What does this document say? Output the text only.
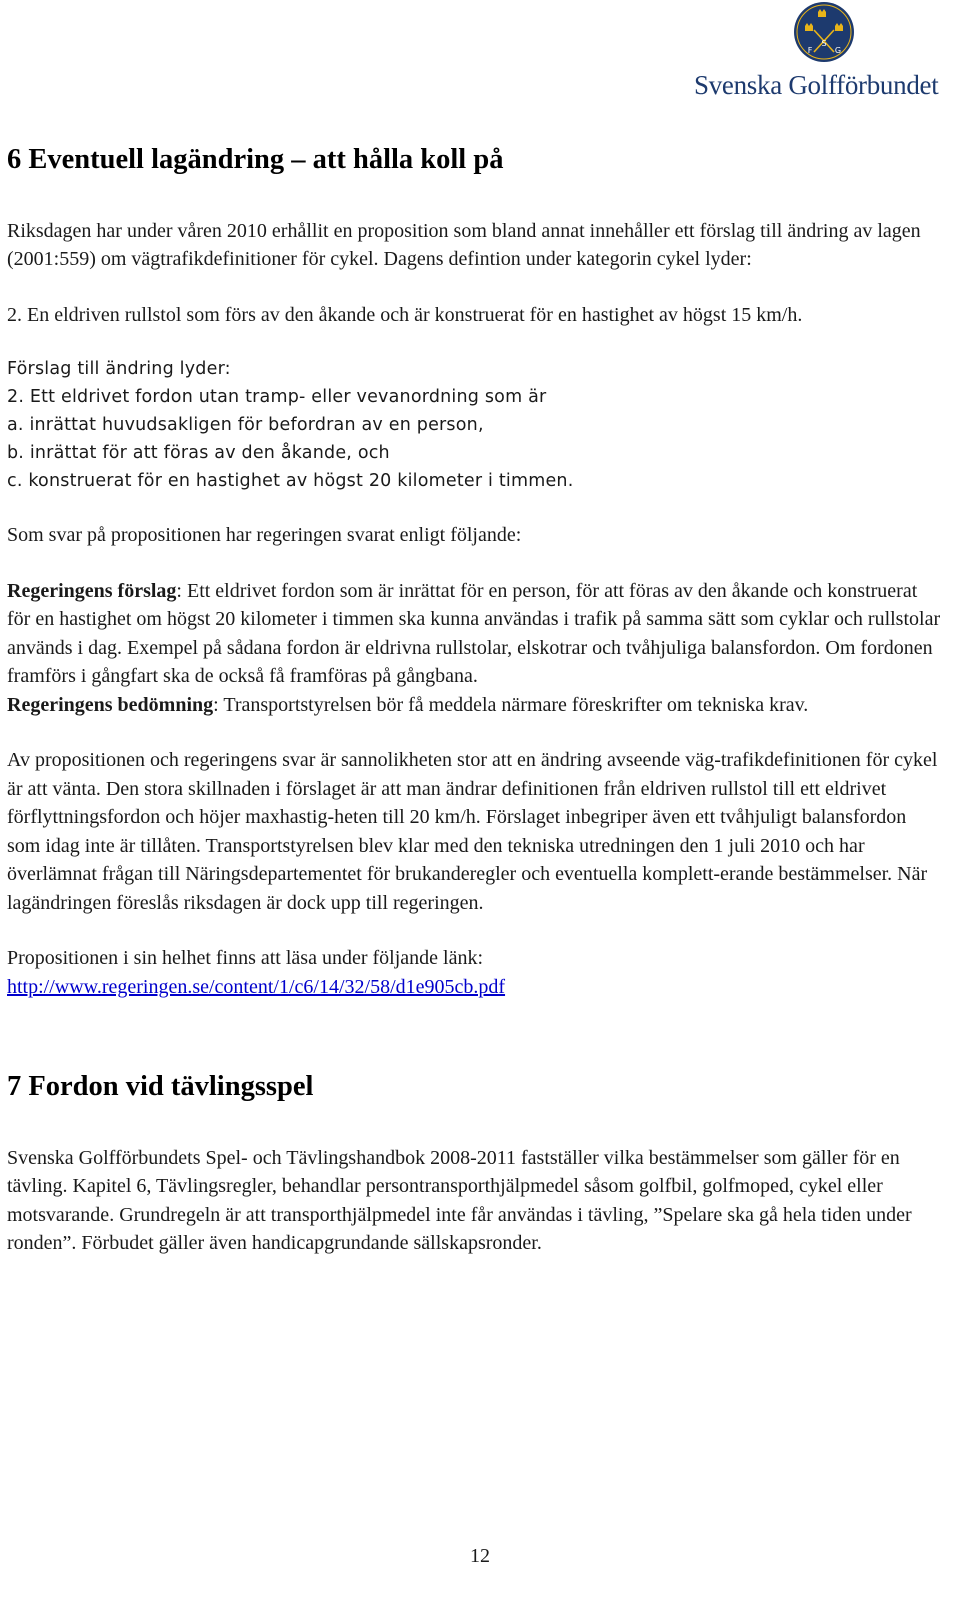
S
F	G
Svenska Golfförbundet
6 Eventuell lagändring – att hålla koll på

Riksdagen har under våren 2010 erhållit en proposition som bland annat innehåller ett förslag till ändring av lagen (2001:559) om vägtrafikdefinitioner för cykel. Dagens defintion under kategorin cykel lyder:

2. En eldriven rullstol som förs av den åkande och är konstruerat för en hastighet av högst 15 km/h.

Förslag till ändring lyder:

2. Ett eldrivet fordon utan tramp- eller vevanordning som är

a. inrättat huvudsakligen för befordran av en person,

b. inrättat för att föras av den åkande, och

c. konstruerat för en hastighet av högst 20 kilometer i timmen.

Som svar på propositionen har regeringen svarat enligt följande:

Regeringens förslag: Ett eldrivet fordon som är inrättat för en person, för att föras av den åkande och konstruerat för en hastighet om högst 20 kilometer i timmen ska kunna användas i trafik på samma sätt som cyklar och rullstolar används i dag. Exempel på sådana fordon är eldrivna rullstolar, elskotrar och tvåhjuliga balansfordon. Om fordonen framförs i gångfart ska de också få framföras på gångbana.

Regeringens bedömning: Transportstyrelsen bör få meddela närmare föreskrifter om tekniska krav.

Av propositionen och regeringens svar är sannolikheten stor att en ändring avseende väg-trafikdefinitionen för cykel är att vänta. Den stora skillnaden i förslaget är att man ändrar definitionen från eldriven rullstol till ett eldrivet förflyttningsfordon och höjer maxhastig-heten till 20 km/h. Förslaget inbegriper även ett tvåhjuligt balansfordon som idag inte är tillåten. Transportstyrelsen blev klar med den tekniska utredningen den 1 juli 2010 och har överlämnat frågan till Näringsdepartementet för brukanderegler och eventuella komplett-erande bestämmelser. När lagändringen föreslås riksdagen är dock upp till regeringen.

Propositionen i sin helhet finns att läsa under följande länk:

http://www.regeringen.se/content/1/c6/14/32/58/d1e905cb.pdf

7 Fordon vid tävlingsspel

Svenska Golfförbundets Spel- och Tävlingshandbok 2008-2011 fastställer vilka bestämmelser som gäller för en tävling. Kapitel 6, Tävlingsregler, behandlar persontransporthjälpmedel såsom golfbil, golfmoped, cykel eller motsvarande. Grundregeln är att transporthjälpmedel inte får användas i tävling, ”Spelare ska gå hela tiden under ronden”. Förbudet gäller även handicapgrundande sällskapsronder.

12
